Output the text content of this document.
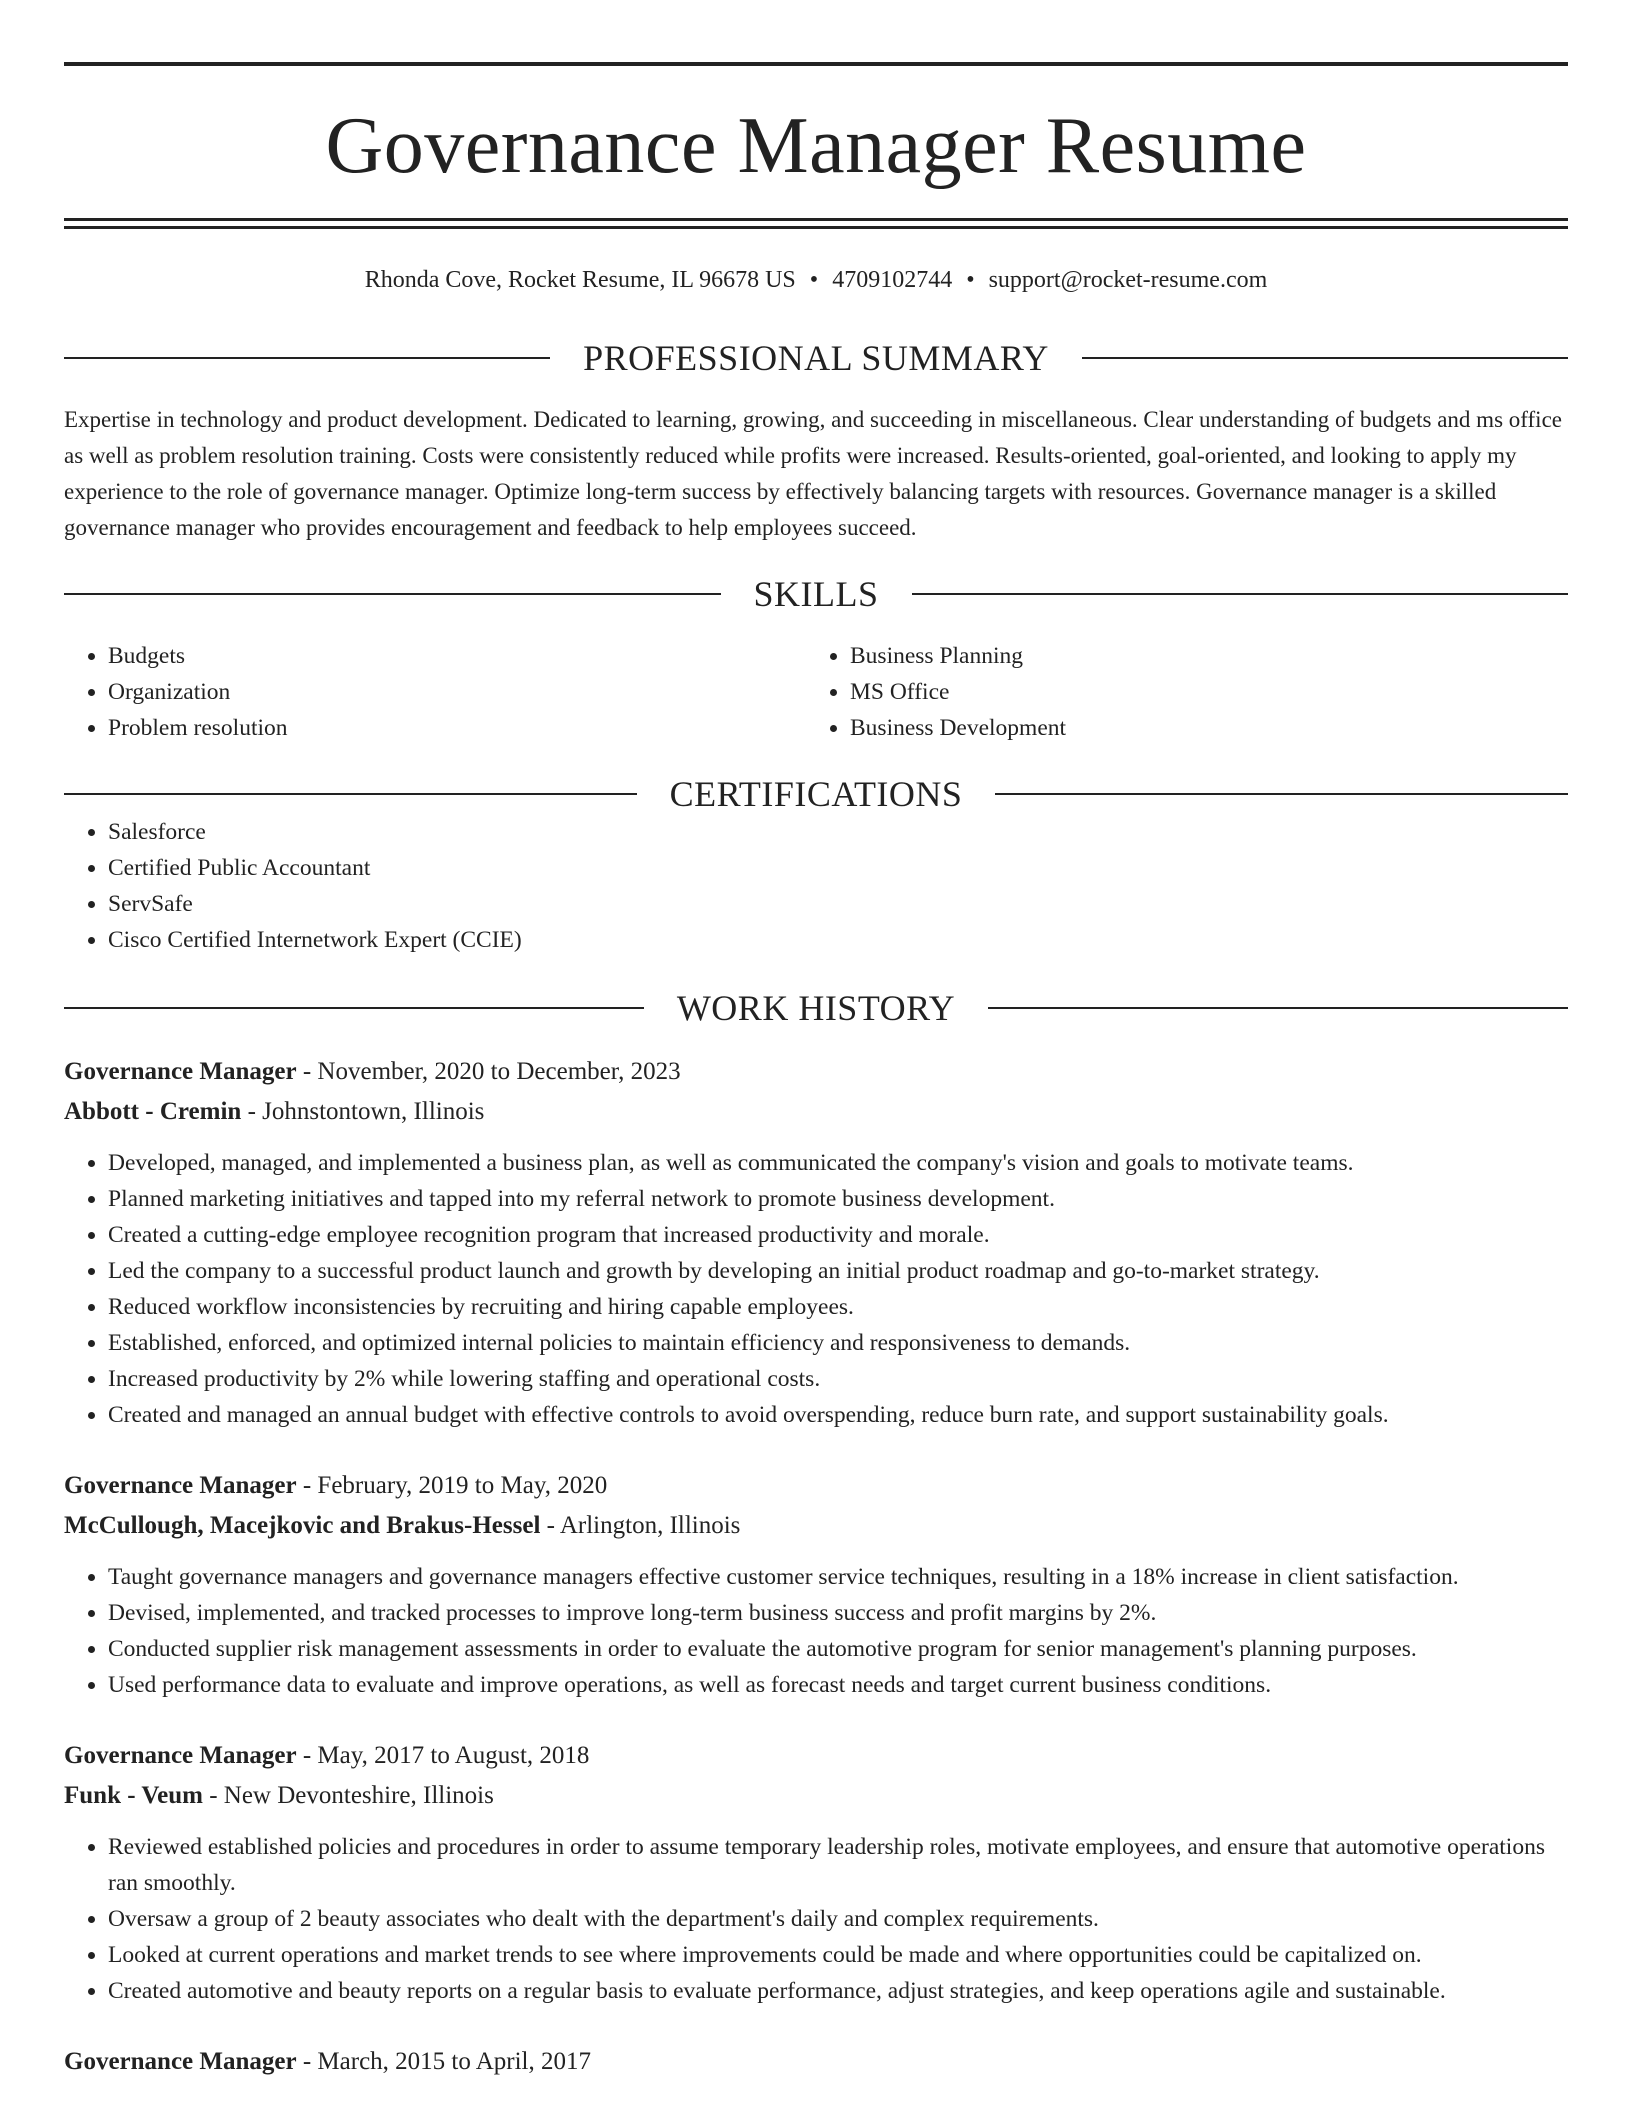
Governance Manager Resume
Rhonda Cove, Rocket Resume, IL 96678 US • 4709102744 • support@rocket-resume.com
PROFESSIONAL SUMMARY

Expertise in technology and product development. Dedicated to learning, growing, and succeeding in miscellaneous. Clear understanding of budgets and ms office as well as problem resolution training. Costs were consistently reduced while profits were increased. Results-oriented, goal-oriented, and looking to apply my experience to the role of governance manager. Optimize long-term success by effectively balancing targets with resources. Governance manager is a skilled governance manager who provides encouragement and feedback to help employees succeed.

SKILLS
• Budgets
• Organization
• Problem resolution
• Business Planning
• MS Office
• Business Development
CERTIFICATIONS
• Salesforce
• Certified Public Accountant
• ServSafe
• Cisco Certified Internetwork Expert (CCIE)
WORK HISTORY
Governance Manager - November, 2020 to December, 2023
Abbott - Cremin - Johnstontown, Illinois
• Developed, managed, and implemented a business plan, as well as communicated the company's vision and goals to motivate teams.
• Planned marketing initiatives and tapped into my referral network to promote business development.
• Created a cutting-edge employee recognition program that increased productivity and morale.
• Led the company to a successful product launch and growth by developing an initial product roadmap and go-to-market strategy.
• Reduced workflow inconsistencies by recruiting and hiring capable employees.
• Established, enforced, and optimized internal policies to maintain efficiency and responsiveness to demands.
• Increased productivity by 2% while lowering staffing and operational costs.
• Created and managed an annual budget with effective controls to avoid overspending, reduce burn rate, and support sustainability goals.
Governance Manager - February, 2019 to May, 2020
McCullough, Macejkovic and Brakus-Hessel - Arlington, Illinois
• Taught governance managers and governance managers effective customer service techniques, resulting in a 18% increase in client satisfaction.
• Devised, implemented, and tracked processes to improve long-term business success and profit margins by 2%.
• Conducted supplier risk management assessments in order to evaluate the automotive program for senior management's planning purposes.
• Used performance data to evaluate and improve operations, as well as forecast needs and target current business conditions.
Governance Manager - May, 2017 to August, 2018
Funk - Veum - New Devonteshire, Illinois
• Reviewed established policies and procedures in order to assume temporary leadership roles, motivate employees, and ensure that automotive operations ran smoothly.
• Oversaw a group of 2 beauty associates who dealt with the department's daily and complex requirements.
• Looked at current operations and market trends to see where improvements could be made and where opportunities could be capitalized on.
• Created automotive and beauty reports on a regular basis to evaluate performance, adjust strategies, and keep operations agile and sustainable.
Governance Manager - March, 2015 to April, 2017
